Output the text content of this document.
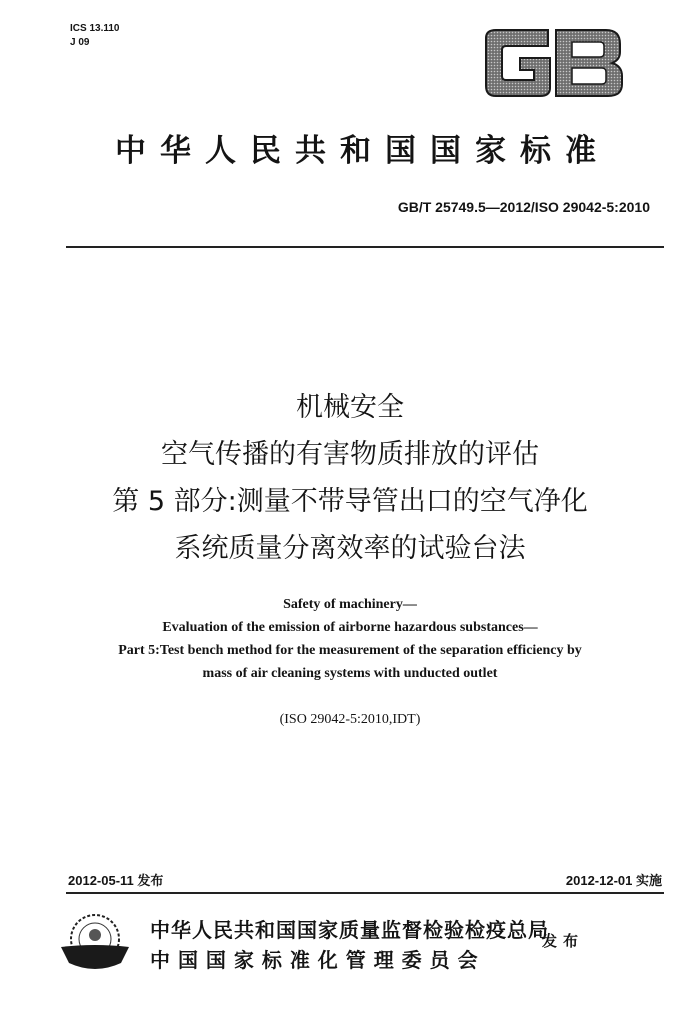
ICS 13.110
J 09
中华人民共和国国家标准
GB/T 25749.5—2012/ISO 29042-5:2010
机械安全
空气传播的有害物质排放的评估
第 5 部分:测量不带导管出口的空气净化
系统质量分离效率的试验台法
Safety of machinery—
Evaluation of the emission of airborne hazardous substances—
Part 5:Test bench method for the measurement of the separation efficiency by
mass of air cleaning systems with unducted outlet
(ISO 29042-5:2010,IDT)
2012-05-11 发布	2012-12-01 实施
中华人民共和国国家质量监督检验检疫总局
中 国 国 家 标 准 化 管 理 委 员 会
发布
